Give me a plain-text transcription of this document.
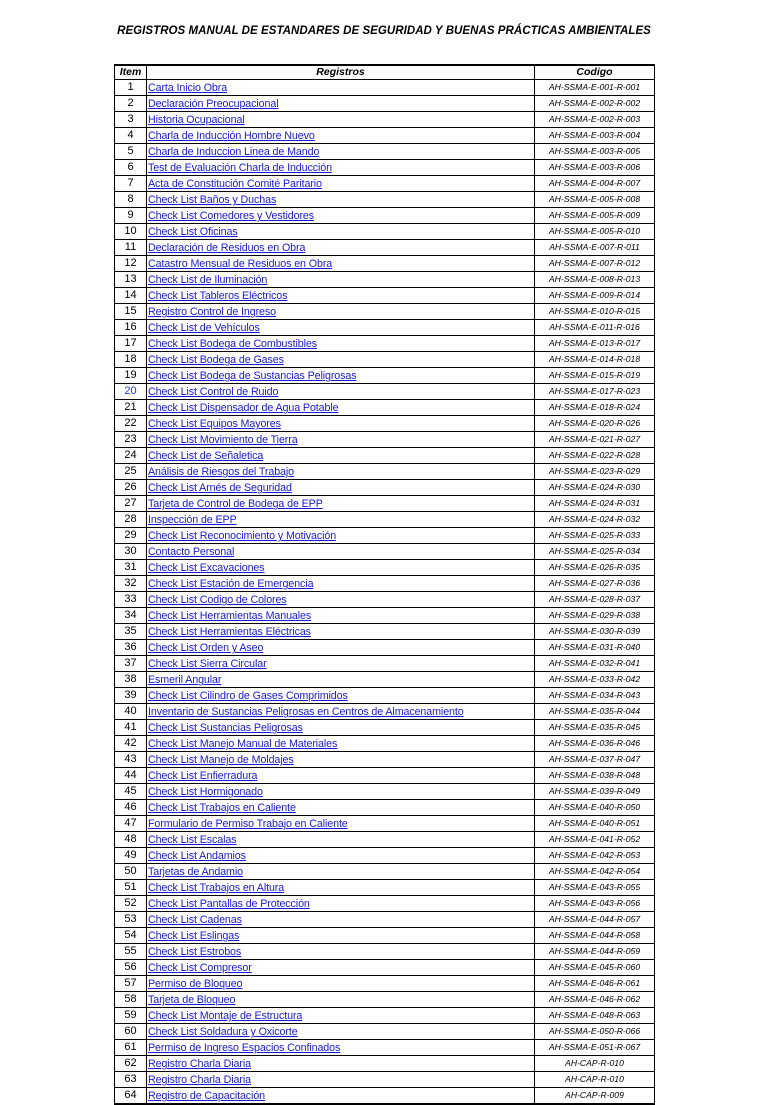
REGISTROS MANUAL DE ESTANDARES DE SEGURIDAD Y BUENAS PRÁCTICAS AMBIENTALES
Item	Registros	Codigo
1	Carta Inicio Obra	AH-SSMA-E-001-R-001
2	Declaración Preocupacional	AH-SSMA-E-002-R-002
3	Historia Ocupacional	AH-SSMA-E-002-R-003
4	Charla de Inducción Hombre Nuevo	AH-SSMA-E-003-R-004
5	Charla de Induccion Linea de Mando	AH-SSMA-E-003-R-005
6	Test de Evaluación Charla de Inducción	AH-SSMA-E-003-R-006
7	Acta de Constitución Comité Paritario	AH-SSMA-E-004-R-007
8	Check List Baños y Duchas	AH-SSMA-E-005-R-008
9	Check List Comedores y Vestidores	AH-SSMA-E-005-R-009
10	Check List Oficinas	AH-SSMA-E-005-R-010
11	Declaración de Residuos en Obra	AH-SSMA-E-007-R-011
12	Catastro Mensual de Residuos en Obra	AH-SSMA-E-007-R-012
13	Check List de Iluminación	AH-SSMA-E-008-R-013
14	Check List Tableros Eléctricos	AH-SSMA-E-009-R-014
15	Registro Control de Ingreso	AH-SSMA-E-010-R-015
16	Check List de Vehículos	AH-SSMA-E-011-R-016
17	Check List Bodega de Combustibles	AH-SSMA-E-013-R-017
18	Check List Bodega de Gases	AH-SSMA-E-014-R-018
19	Check List Bodega de Sustancias Peligrosas	AH-SSMA-E-015-R-019
20	Check List Control de Ruido	AH-SSMA-E-017-R-023
21	Check List Dispensador de Agua Potable	AH-SSMA-E-018-R-024
22	Check List Equipos Mayores	AH-SSMA-E-020-R-026
23	Check List Movimiento de Tierra	AH-SSMA-E-021-R-027
24	Check List de Señaletica	AH-SSMA-E-022-R-028
25	Análisis de Riesgos del Trabajo	AH-SSMA-E-023-R-029
26	Check List Arnés de Seguridad	AH-SSMA-E-024-R-030
27	Tarjeta de Control de Bodega de EPP	AH-SSMA-E-024-R-031
28	Inspección de EPP	AH-SSMA-E-024-R-032
29	Check List Reconocimiento y Motivación	AH-SSMA-E-025-R-033
30	Contacto Personal	AH-SSMA-E-025-R-034
31	Check List Excavaciones	AH-SSMA-E-026-R-035
32	Check List Estación de Emergencia	AH-SSMA-E-027-R-036
33	Check List Codigo de Colores	AH-SSMA-E-028-R-037
34	Check List Herramientas Manuales	AH-SSMA-E-029-R-038
35	Check List Herramientas Eléctricas	AH-SSMA-E-030-R-039
36	Check List Orden y Aseo	AH-SSMA-E-031-R-040
37	Check List Sierra Circular	AH-SSMA-E-032-R-041
38	Esmeril Angular	AH-SSMA-E-033-R-042
39	Check List Cilindro de Gases Comprimidos	AH-SSMA-E-034-R-043
40	Inventario de Sustancias Peligrosas en Centros de Almacenamiento	AH-SSMA-E-035-R-044
41	Check List Sustancias Peligrosas	AH-SSMA-E-035-R-045
42	Check List Manejo Manual de Materiales	AH-SSMA-E-036-R-046
43	Check List Manejo de Moldajes	AH-SSMA-E-037-R-047
44	Check List Enfierradura	AH-SSMA-E-038-R-048
45	Check List Hormigonado	AH-SSMA-E-039-R-049
46	Check List Trabajos en Caliente	AH-SSMA-E-040-R-050
47	Formulario de Permiso Trabajo en Caliente	AH-SSMA-E-040-R-051
48	Check List Escalas	AH-SSMA-E-041-R-052
49	Check List Andamios	AH-SSMA-E-042-R-053
50	Tarjetas de Andamio	AH-SSMA-E-042-R-054
51	Check List Trabajos en Altura	AH-SSMA-E-043-R-055
52	Check List Pantallas de Protección	AH-SSMA-E-043-R-056
53	Check List Cadenas	AH-SSMA-E-044-R-057
54	Check List Eslingas	AH-SSMA-E-044-R-058
55	Check List Estrobos	AH-SSMA-E-044-R-059
56	Check List Compresor	AH-SSMA-E-045-R-060
57	Permiso de Bloqueo	AH-SSMA-E-046-R-061
58	Tarjeta de Bloqueo	AH-SSMA-E-046-R-062
59	Check List Montaje de Estructura	AH-SSMA-E-048-R-063
60	Check List Soldadura y Oxicorte	AH-SSMA-E-050-R-066
61	Permiso de Ingreso Espacios Confinados	AH-SSMA-E-051-R-067
62	Registro Charla Diaria	AH-CAP-R-010
63	Registro Charla Diaria	AH-CAP-R-010
64	Registro de Capacitación	AH-CAP-R-009
